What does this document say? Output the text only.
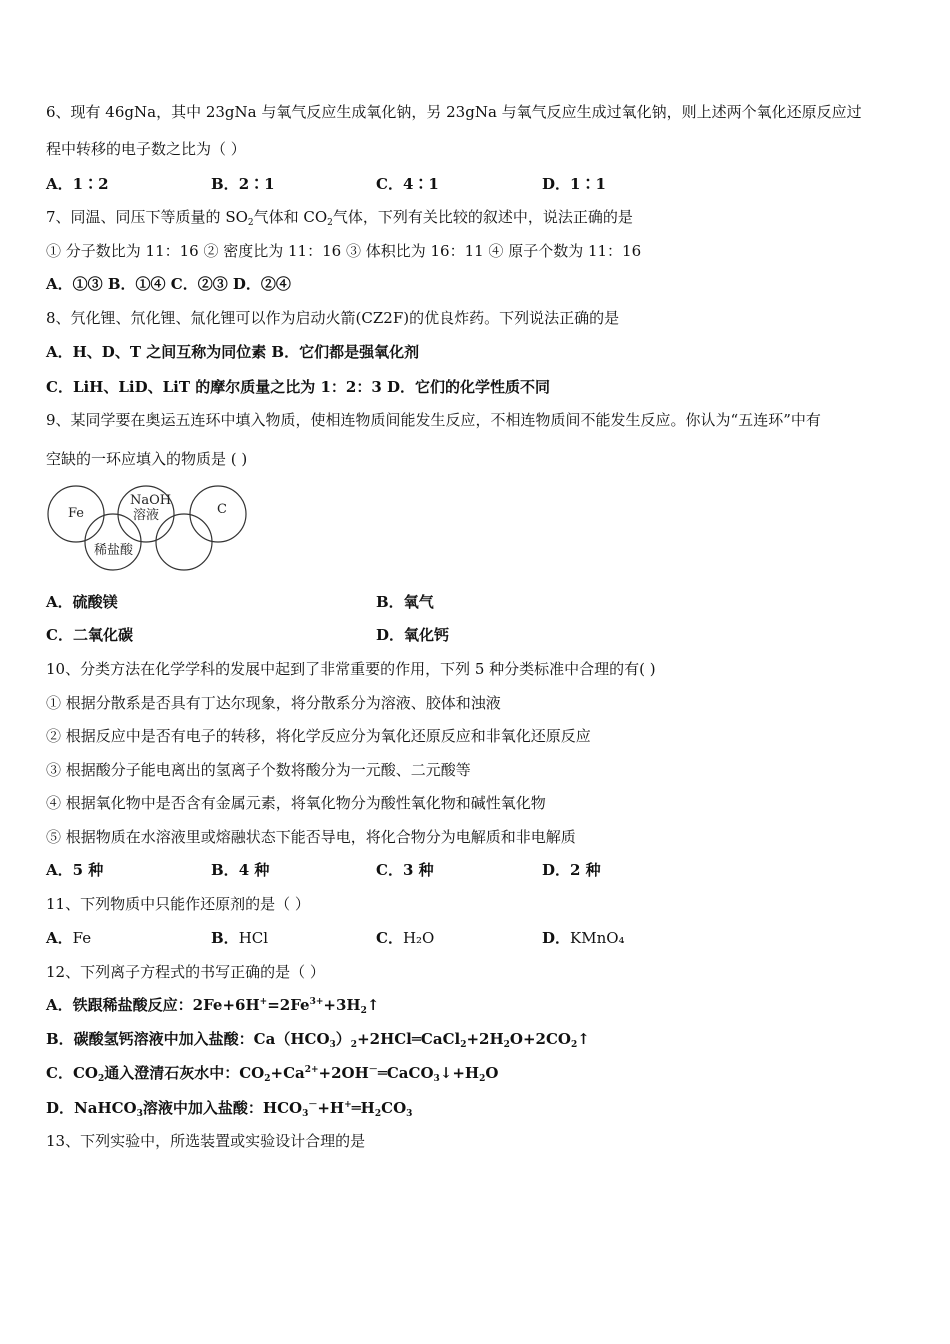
6、现有 46gNa，其中 23gNa 与氧气反应生成氧化钠，另 23gNa 与氧气反应生成过氧化钠，则上述两个氧化还原反应过
程中转移的电子数之比为（ ）
A．1∶2	B．2∶1	C．4∶1	D．1∶1
7、同温、同压下等质量的 $SO_2$气体和 $CO_2$气体，下列有关比较的叙述中，说法正确的是
① 分子数比为 11：16 ② 密度比为 11：16 ③ 体积比为 16：11 ④ 原子个数为 11：16
A．①③ B．①④ C．②③ D．②④
8、氕化锂、氘化锂、氚化锂可以作为启动火箭(CZ2F)的优良炸药。下列说法正确的是
A．H、D、T 之间互称为同位素 B．它们都是强氧化剂
C．LiH、LiD、LiT 的摩尔质量之比为 1：2：3 D．它们的化学性质不同
9、某同学要在奥运五连环中填入物质，使相连物质间能发生反应，不相连物质间不能发生反应。你认为“五连环”中有
空缺的一环应填入的物质是 ( )
Fe
NaOH
溶液	C
稀盐酸
A．硫酸镁	B．氧气
C．二氧化碳	D．氧化钙
10、分类方法在化学学科的发展中起到了非常重要的作用，下列 5 种分类标准中合理的有( )
① 根据分散系是否具有丁达尔现象，将分散系分为溶液、胶体和浊液
② 根据反应中是否有电子的转移，将化学反应分为氧化还原反应和非氧化还原反应
③ 根据酸分子能电离出的氢离子个数将酸分为一元酸、二元酸等
④ 根据氧化物中是否含有金属元素，将氧化物分为酸性氧化物和碱性氧化物
⑤ 根据物质在水溶液里或熔融状态下能否导电，将化合物分为电解质和非电解质
A．5 种	B．4 种	C．3 种	D．2 种
11、下列物质中只能作还原剂的是（ ）
A．Fe	B．HCl	C．H₂O	D．KMnO₄
12、下列离子方程式的书写正确的是（ ）
A．铁跟稀盐酸反应：$2Fe+6H^+=2Fe^{3+}+3H_2↑$
B．碳酸氢钙溶液中加入盐酸：$Ca(HCO_3)_2+2HCl═CaCl_2+2H_2O+2CO_2↑$
C．$CO_2$通入澄清石灰水中：$CO_2+Ca^{2+}+2OH^-═CaCO_3↓+H_2O$
D．NaHCO$_3$溶液中加入盐酸：$HCO_3^-+H^+═H_2CO_3$
13、下列实验中，所选装置或实验设计合理的是
